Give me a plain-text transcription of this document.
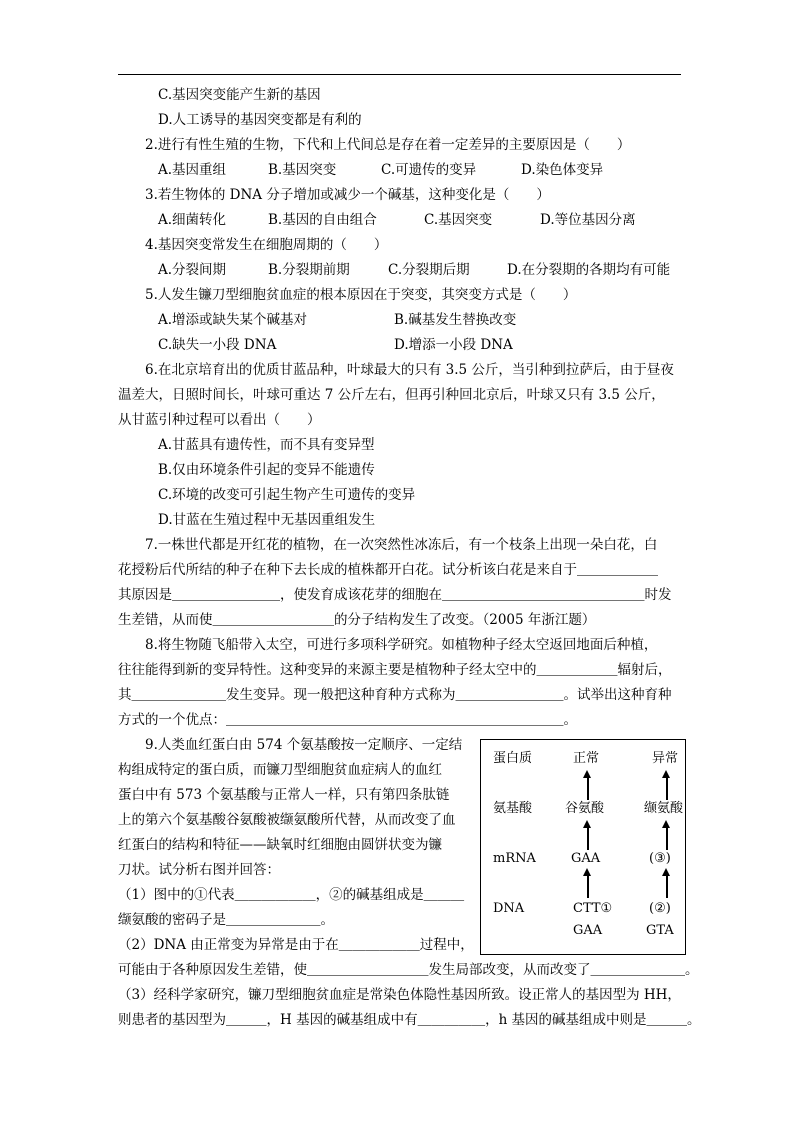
C.基因突变能产生新的基因
D.人工诱导的基因突变都是有利的
2.进行有性生殖的生物，下代和上代间总是存在着一定差异的主要原因是（　　）
A.基因重组	B.基因突变	C.可遗传的变异	D.染色体变异
3.若生物体的 DNA 分子增加或减少一个碱基，这种变化是（　　）
A.细菌转化	B.基因的自由组合	C.基因突变	D.等位基因分离
4.基因突变常发生在细胞周期的（　　）
A.分裂间期	B.分裂期前期	C.分裂期后期	D.在分裂期的各期均有可能
5.人发生镰刀型细胞贫血症的根本原因在于突变，其突变方式是（　　）
A.增添或缺失某个碱基对	B.碱基发生替换改变
C.缺失一小段 DNA	D.增添一小段 DNA
6.在北京培育出的优质甘蓝品种，叶球最大的只有 3.5 公斤，当引种到拉萨后，由于昼夜
温差大，日照时间长，叶球可重达 7 公斤左右，但再引种回北京后，叶球又只有 3.5 公斤，
从甘蓝引种过程可以看出（　　）
A.甘蓝具有遗传性，而不具有变异型
B.仅由环境条件引起的变异不能遗传
C.环境的改变可引起生物产生可遗传的变异
D.甘蓝在生殖过程中无基因重组发生
7.一株世代都是开红花的植物，在一次突然性冰冻后，有一个枝条上出现一朵白花，白
花授粉后代所结的种子在种下去长成的植株都开白花。试分析该白花是来自于＿＿＿＿＿＿
其原因是＿＿＿＿＿＿＿＿，使发育成该花芽的细胞在＿＿＿＿＿＿＿＿＿＿＿＿＿＿＿时发
生差错，从而使＿＿＿＿＿＿＿＿＿的分子结构发生了改变。（2005 年浙江题）
8.将生物随飞船带入太空，可进行多项科学研究。如植物种子经太空返回地面后种植，
往往能得到新的变异特性。这种变异的来源主要是植物种子经太空中的＿＿＿＿＿＿辐射后，
其＿＿＿＿＿＿＿发生变异。现一般把这种育种方式称为＿＿＿＿＿＿＿＿。试举出这种育种
方式的一个优点：＿＿＿＿＿＿＿＿＿＿＿＿＿＿＿＿＿＿＿＿＿＿＿＿＿。
9.人类血红蛋白由 574 个氨基酸按一定顺序、一定结
构组成特定的蛋白质，而镰刀型细胞贫血症病人的血红
蛋白中有 573 个氨基酸与正常人一样，只有第四条肽链
上的第六个氨基酸谷氨酸被缬氨酸所代替，从而改变了血
红蛋白的结构和特征——缺氧时红细胞由圆饼状变为镰
刀状。试分析右图并回答：
（1）图中的①代表＿＿＿＿＿＿，②的碱基组成是＿＿＿
缬氨酸的密码子是＿＿＿＿＿＿＿。
（2）DNA 由正常变为异常是由于在＿＿＿＿＿＿过程中，
可能由于各种原因发生差错，使＿＿＿＿＿＿＿＿＿发生局部改变，从而改变了＿＿＿＿＿＿＿。
（3）经科学家研究，镰刀型细胞贫血症是常染色体隐性基因所致。设正常人的基因型为 HH，
则患者的基因型为＿＿＿，H 基因的碱基组成中有＿＿＿＿＿，h 基因的碱基组成中则是＿＿＿。
蛋白质	正常	异常
氨基酸	谷氨酸	缬氨酸
mRNA	GAA	(③)
DNA	CTT①	(②)
GAA	GTA
